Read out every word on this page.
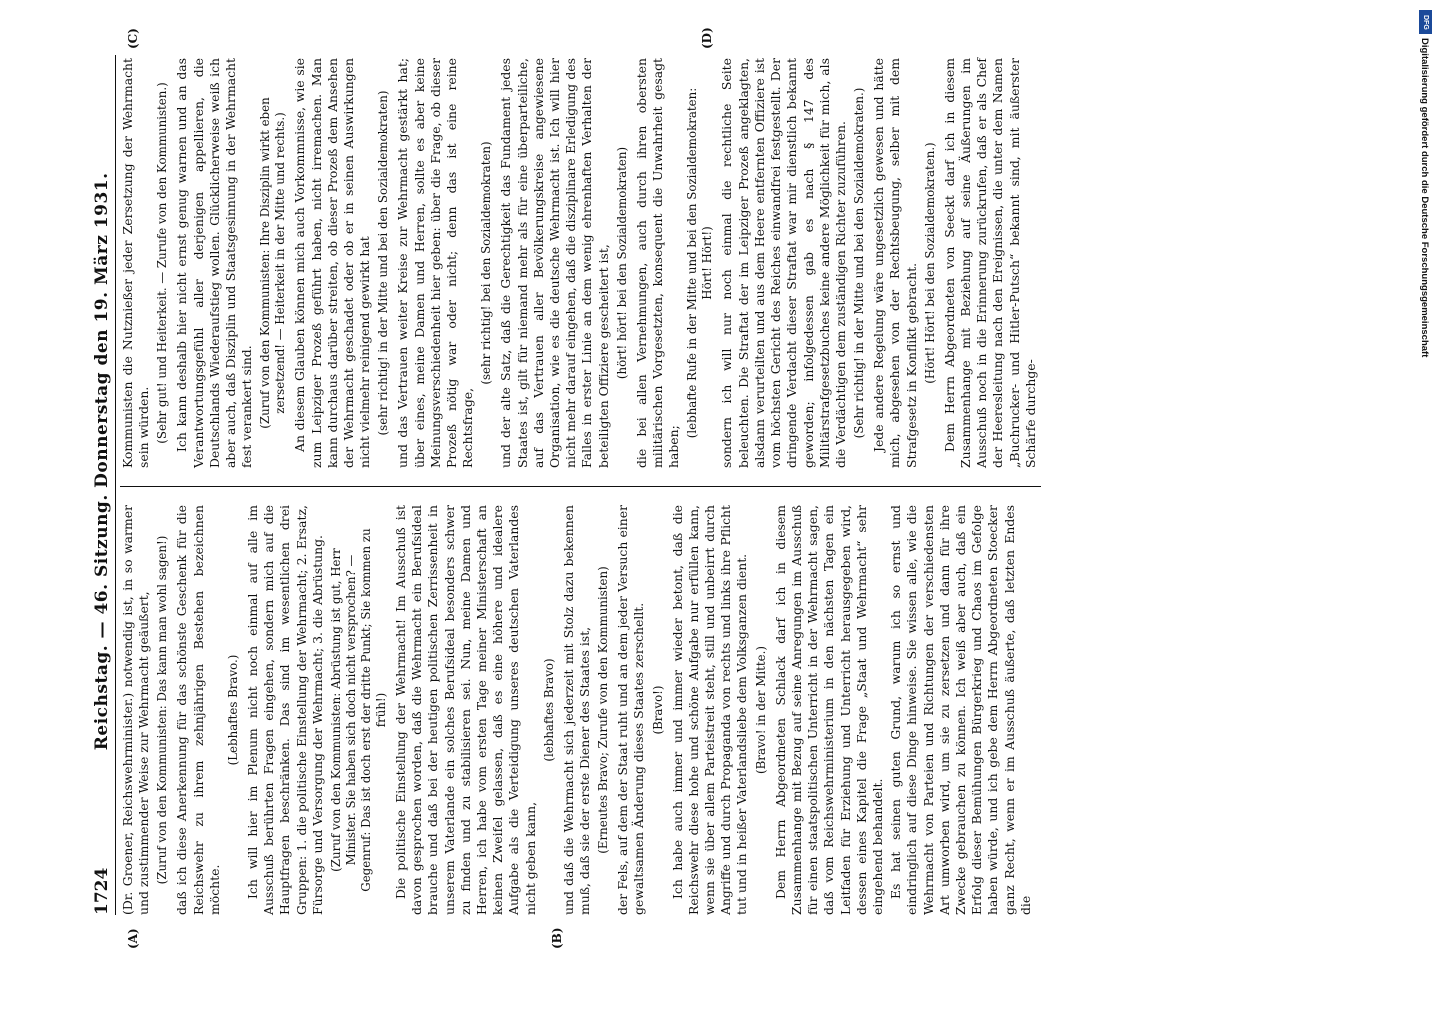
1724
Reichstag. — 46. Sitzung. Donnerstag den 19. März 1931. (Dr. Groener, Reichswehrminister.) notwendig ist, in so warmer und zustimmender Weise zur Wehrmacht geäußert, (Zuruf von den Kommunisten: Das kann man wohl sagen!) daß ich diese Anerkennung für das schönste Geschenk für die Reichswehr zu ihrem zehnjährigen Bestehen bezeichnen möchte.

(Lebhaftes Bravo.) Ich will hier im Plenum nicht noch einmal auf alle im Ausschuß berührten Fragen eingehen, sondern mich auf die Hauptfragen beschränken. Das sind im wesentlichen drei Gruppen: 1. die politische Einstellung der Wehrmacht; 2. Ersatz, Fürsorge und Versorgung der Wehrmacht; 3. die Abrüstung. (Zuruf von den Kommunisten: Abrüstung ist gut, Herr Minister. Sie haben sich doch nicht versprochen? — Gegenruf: Das ist doch erst der dritte Punkt; Sie kommen zu früh!) Die politische Einstellung der Wehrmacht! Im Ausschuß ist davon gesprochen worden, daß die Wehrmacht ein Berufsideal brauche und daß bei der heutigen politischen Zerrissenheit in unserem Vaterlande ein solches Berufsideal besonders schwer zu finden und zu stabilisieren sei. Nun, meine Damen und Herren, ich habe vom ersten Tage meiner Ministerschaft an keinen Zweifel gelassen, daß es eine höhere und idealere Aufgabe als die Verteidigung unseres deutschen Vaterlandes nicht geben kann,

(lebhaftes Bravo) und daß die Wehrmacht sich jederzeit mit Stolz dazu bekennen muß, daß sie der erste Diener des Staates ist, (Erneutes Bravo; Zurufe von den Kommunisten) der Fels, auf dem der Staat ruht und an dem jeder Versuch einer gewaltsamen Änderung dieses Staates zerschellt. (Bravo!) Ich habe auch immer und immer wieder betont, daß die Reichswehr diese hohe und schöne Aufgabe nur erfüllen kann, wenn sie über allem Parteistreit steht, still und unbeirrt durch Angriffe und durch Propaganda von rechts und links ihre Pflicht tut und in heißer Vaterlandsliebe dem Volksganzen dient. (Bravo! in der Mitte.) Dem Herrn Abgeordneten Schlack darf ich in diesem Zusammenhange mit Bezug auf seine Anregungen im Ausschuß für einen staatspolitischen Unterricht in der Wehrmacht sagen, daß vom Reichswehrministerium in den nächsten Tagen ein Leitfaden für Erziehung und Unterricht herausgegeben wird, dessen eines Kapitel die Frage „Staat und Wehrmacht“ sehr eingehend behandelt. Es hat seinen guten Grund, warum ich so ernst und eindringlich auf diese Dinge hinweise. Sie wissen alle, wie die Wehrmacht von Parteien und Richtungen der verschiedensten Art umworben wird, um sie zu zersetzen und dann für ihre Zwecke gebrauchen zu können. Ich weiß aber auch, daß ein Erfolg dieser Bemühungen Bürgerkrieg und Chaos im Gefolge haben würde, und ich gebe dem Herrn Abgeordneten Stoecker ganz Recht, wenn er im Ausschuß äußerte, daß letzten Endes die

Kommunisten die Nutznießer jeder Zersetzung der Wehrmacht sein würden. (Sehr gut! und Heiterkeit. — Zurufe von den Kommunisten.) Ich kann deshalb hier nicht ernst genug warnen und an das Verantwortungsgefühl aller derjenigen appellieren, die Deutschlands Wiederaufstieg wollen. Glücklicherweise weiß ich aber auch, daß Disziplin und Staatsgesinnung in der Wehrmacht fest verankert sind. (Zuruf von den Kommunisten: Ihre Disziplin wirkt eben zersetzend! — Heiterkeit in der Mitte und rechts.) An diesem Glauben können mich auch Vorkommnisse, wie sie zum Leipziger Prozeß geführt haben, nicht irremachen. Man kann durchaus darüber streiten, ob dieser Prozeß dem Ansehen der Wehrmacht geschadet oder ob er in seinen Auswirkungen nicht vielmehr reinigend gewirkt hat (sehr richtig! in der Mitte und bei den Sozialdemokraten) und das Vertrauen weiter Kreise zur Wehrmacht gestärkt hat; über eines, meine Damen und Herren, sollte es aber keine Meinungsverschiedenheit hier geben: über die Frage, ob dieser Prozeß nötig war oder nicht; denn das ist eine reine Rechtsfrage,

(sehr richtig! bei den Sozialdemokraten) und der alte Satz, daß die Gerechtigkeit das Fundament jedes Staates ist, gilt für niemand mehr als für eine überparteiliche, auf das Vertrauen aller Bevölkerungskreise angewiesene Organisation, wie es die deutsche Wehrmacht ist. Ich will hier nicht mehr darauf eingehen, daß die disziplinare Erledigung des Falles in erster Linie an dem wenig ehrenhaften Verhalten der beteiligten Offiziere gescheitert ist, (hört! hört! bei den Sozialdemokraten) die bei allen Vernehmungen, auch durch ihren obersten militärischen Vorgesetzten, konsequent die Unwahrheit gesagt haben;

(lebhafte Rufe in der Mitte und bei den Sozialdemokraten: Hört! Hört!) sondern ich will nur noch einmal die rechtliche Seite beleuchten. Die Straftat der im Leipziger Prozeß angeklagten, alsdann verurteilten und aus dem Heere entfernten Offiziere ist vom höchsten Gericht des Reiches einwandfrei festgestellt. Der dringende Verdacht dieser Straftat war mir dienstlich bekannt geworden; infolgedessen gab es nach § 147 des Militärstrafgesetzbuches keine andere Möglichkeit für mich, als die Verdächtigen dem zuständigen Richter zuzuführen. (Sehr richtig! in der Mitte und bei den Sozialdemokraten.) Jede andere Regelung wäre ungesetzlich gewesen und hätte mich, abgesehen von der Rechtsbeugung, selber mit dem Strafgesetz in Konflikt gebracht. (Hört! Hört! bei den Sozialdemokraten.) Dem Herrn Abgeordneten von Seeckt darf ich in diesem Zusammenhange mit Beziehung auf seine Äußerungen im Ausschuß noch in die Erinnerung zurückrufen, daß er als Chef der Heeresleitung nach den Ereignissen, die unter dem Namen „Buchrucker- und Hitler-Putsch“ bekannt sind, mit äußerster Schärfe durchge-

(A)	(B)
(C)	(D)
DFG
Digitalisierung gefördert durch die Deutsche Forschungsgemeinschaft
